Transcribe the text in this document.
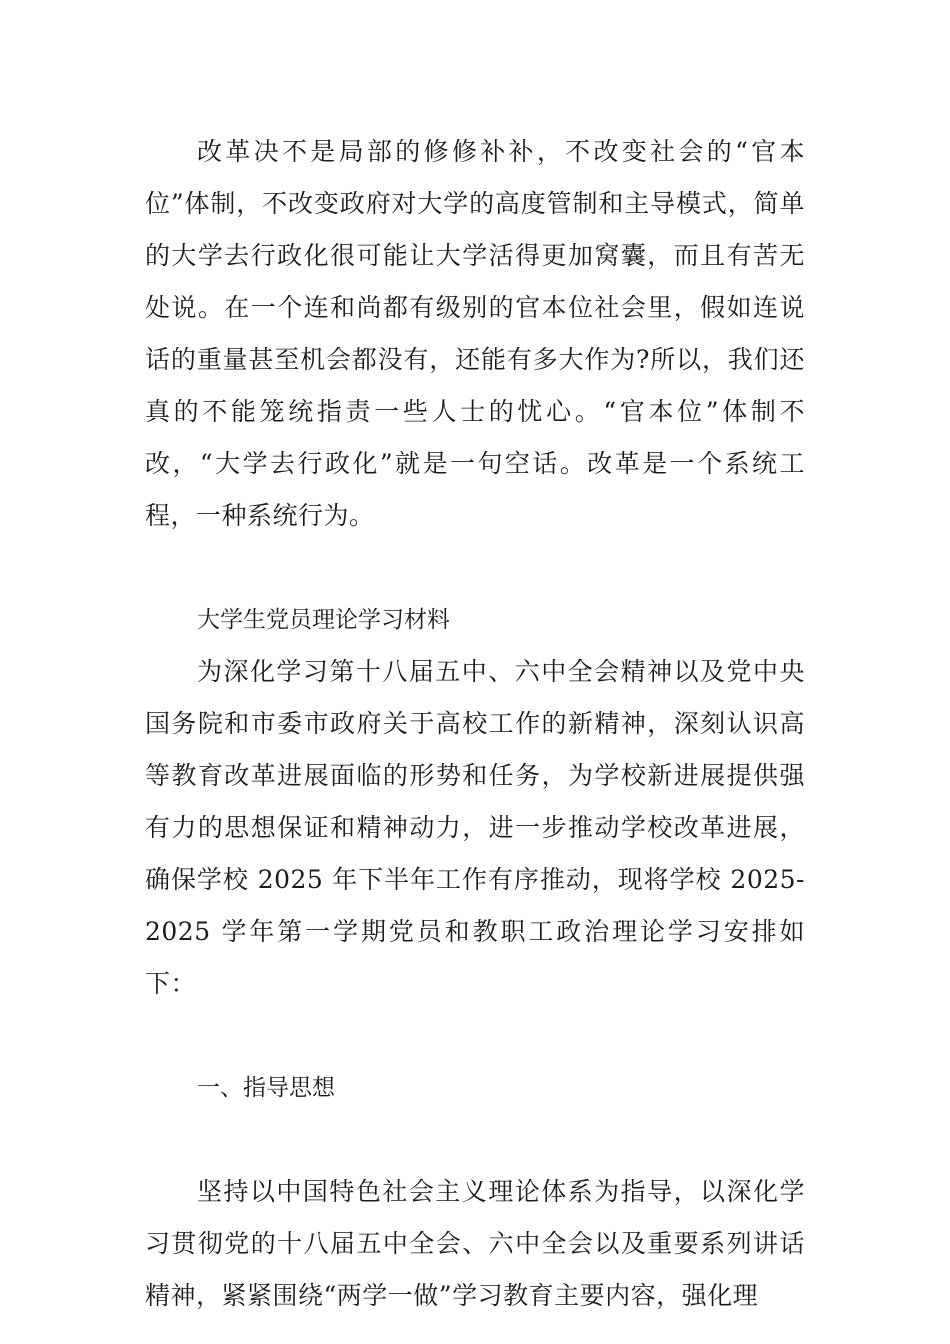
改革决不是局部的修修补补，不改变社会的“官本位”体制，不改变政府对大学的高度管制和主导模式，简单的大学去行政化很可能让大学活得更加窝囊，而且有苦无处说。在一个连和尚都有级别的官本位社会里，假如连说话的重量甚至机会都没有，还能有多大作为?所以，我们还真的不能笼统指责一些人士的忧心。“官本位”体制不改，“大学去行政化”就是一句空话。改革是一个系统工程，一种系统行为。

大学生党员理论学习材料

为深化学习第十八届五中、六中全会精神以及党中央国务院和市委市政府关于高校工作的新精神，深刻认识高等教育改革进展面临的形势和任务，为学校新进展提供强有力的思想保证和精神动力，进一步推动学校改革进展，确保学校 2025 年下半年工作有序推动，现将学校 2025-2025 学年第一学期党员和教职工政治理论学习安排如下：

一、指导思想

坚持以中国特色社会主义理论体系为指导，以深化学习贯彻党的十八届五中全会、六中全会以及重要系列讲话精神，紧紧围绕“两学一做”学习教育主要内容，强化理
